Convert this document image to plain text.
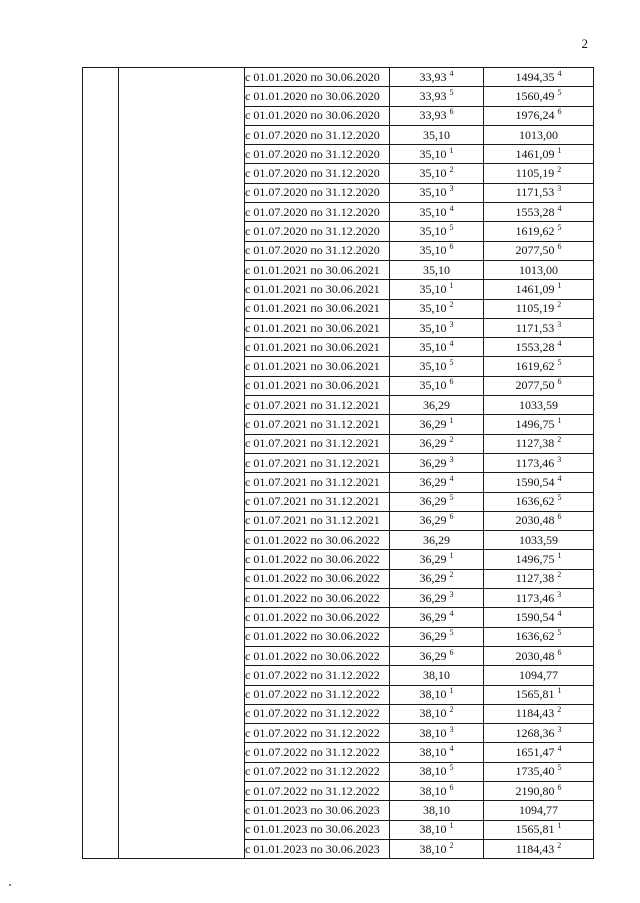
2
		с 01.01.2020 по 30.06.2020	33,93 $^4$	1494,35 $^4$
		с 01.01.2020 по 30.06.2020	33,93 $^5$	1560,49 $^5$
		с 01.01.2020 по 30.06.2020	33,93 $^6$	1976,24 $^6$
		с 01.07.2020 по 31.12.2020	35,10	1013,00
		с 01.07.2020 по 31.12.2020	35,10 $^1$	1461,09 $^1$
		с 01.07.2020 по 31.12.2020	35,10 $^2$	1105,19 $^2$
		с 01.07.2020 по 31.12.2020	35,10 $^3$	1171,53 $^3$
		с 01.07.2020 по 31.12.2020	35,10 $^4$	1553,28 $^4$
		с 01.07.2020 по 31.12.2020	35,10 $^5$	1619,62 $^5$
		с 01.07.2020 по 31.12.2020	35,10 $^6$	2077,50 $^6$
		с 01.01.2021 по 30.06.2021	35,10	1013,00
		с 01.01.2021 по 30.06.2021	35,10 $^1$	1461,09 $^1$
		с 01.01.2021 по 30.06.2021	35,10 $^2$	1105,19 $^2$
		с 01.01.2021 по 30.06.2021	35,10 $^3$	1171,53 $^3$
		с 01.01.2021 по 30.06.2021	35,10 $^4$	1553,28 $^4$
		с 01.01.2021 по 30.06.2021	35,10 $^5$	1619,62 $^5$
		с 01.01.2021 по 30.06.2021	35,10 $^6$	2077,50 $^6$
		с 01.07.2021 по 31.12.2021	36,29	1033,59
		с 01.07.2021 по 31.12.2021	36,29 $^1$	1496,75 $^1$
		с 01.07.2021 по 31.12.2021	36,29 $^2$	1127,38 $^2$
		с 01.07.2021 по 31.12.2021	36,29 $^3$	1173,46 $^3$
		с 01.07.2021 по 31.12.2021	36,29 $^4$	1590,54 $^4$
		с 01.07.2021 по 31.12.2021	36,29 $^5$	1636,62 $^5$
		с 01.07.2021 по 31.12.2021	36,29 $^6$	2030,48 $^6$
		с 01.01.2022 по 30.06.2022	36,29	1033,59
		с 01.01.2022 по 30.06.2022	36,29 $^1$	1496,75 $^1$
		с 01.01.2022 по 30.06.2022	36,29 $^2$	1127,38 $^2$
		с 01.01.2022 по 30.06.2022	36,29 $^3$	1173,46 $^3$
		с 01.01.2022 по 30.06.2022	36,29 $^4$	1590,54 $^4$
		с 01.01.2022 по 30.06.2022	36,29 $^5$	1636,62 $^5$
		с 01.01.2022 по 30.06.2022	36,29 $^6$	2030,48 $^6$
		с 01.07.2022 по 31.12.2022	38,10	1094,77
		с 01.07.2022 по 31.12.2022	38,10 $^1$	1565,81 $^1$
		с 01.07.2022 по 31.12.2022	38,10 $^2$	1184,43 $^2$
		с 01.07.2022 по 31.12.2022	38,10 $^3$	1268,36 $^3$
		с 01.07.2022 по 31.12.2022	38,10 $^4$	1651,47 $^4$
		с 01.07.2022 по 31.12.2022	38,10 $^5$	1735,40 $^5$
		с 01.07.2022 по 31.12.2022	38,10 $^6$	2190,80 $^6$
		с 01.01.2023 по 30.06.2023	38,10	1094,77
		с 01.01.2023 по 30.06.2023	38,10 $^1$	1565,81 $^1$
		с 01.01.2023 по 30.06.2023	38,10 $^2$	1184,43 $^2$
